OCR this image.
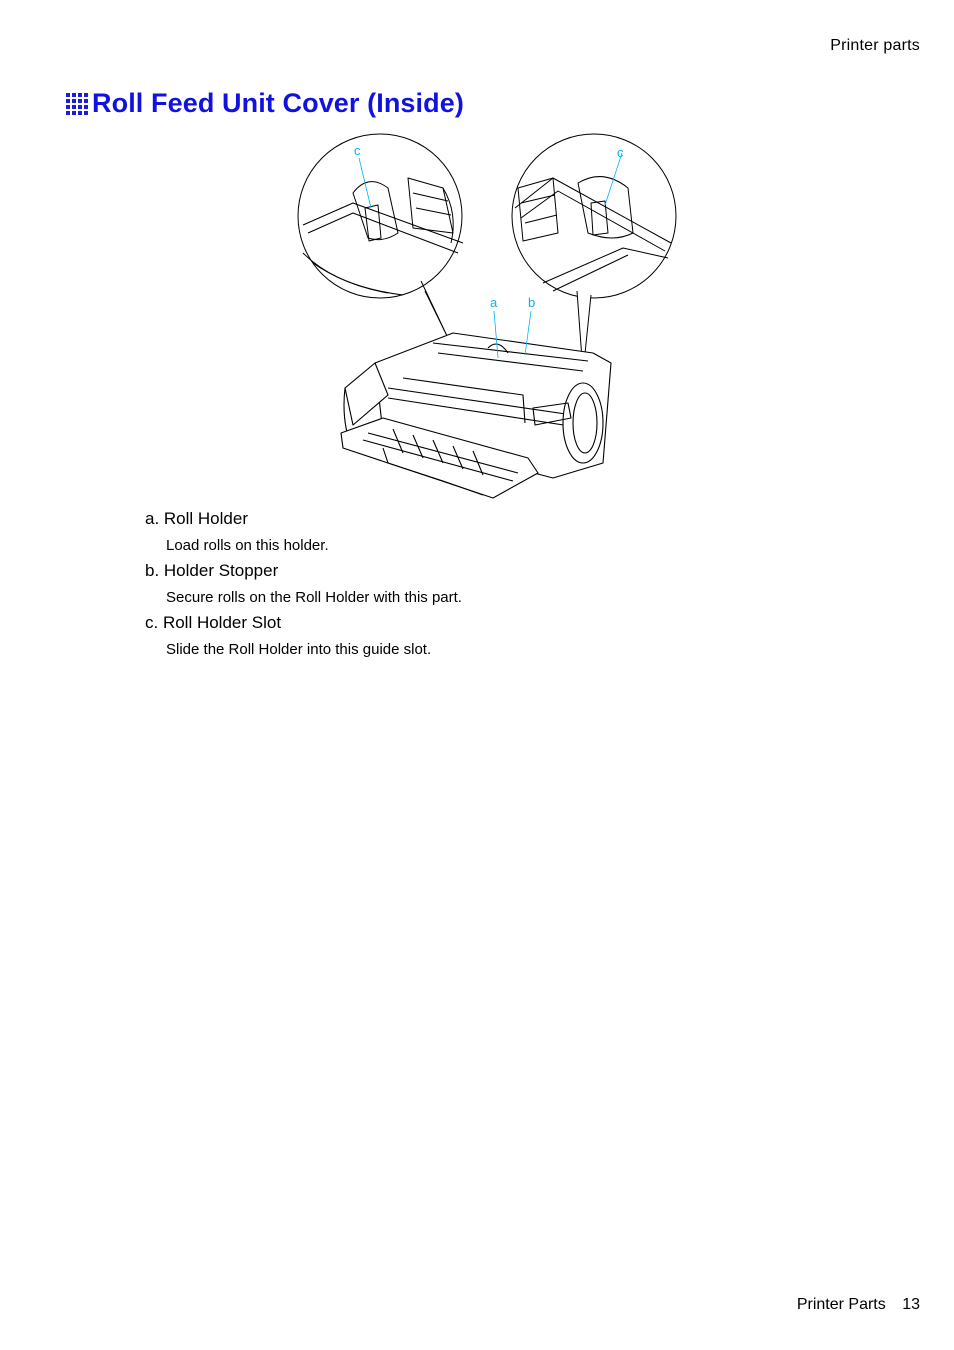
Printer parts
Roll Feed Unit Cover (Inside)
c	c
a b
a. Roll Holder
Load rolls on this holder.
b. Holder Stopper
Secure rolls on the Roll Holder with this part.
c. Roll Holder Slot
Slide the Roll Holder into this guide slot.
Printer Parts 13
